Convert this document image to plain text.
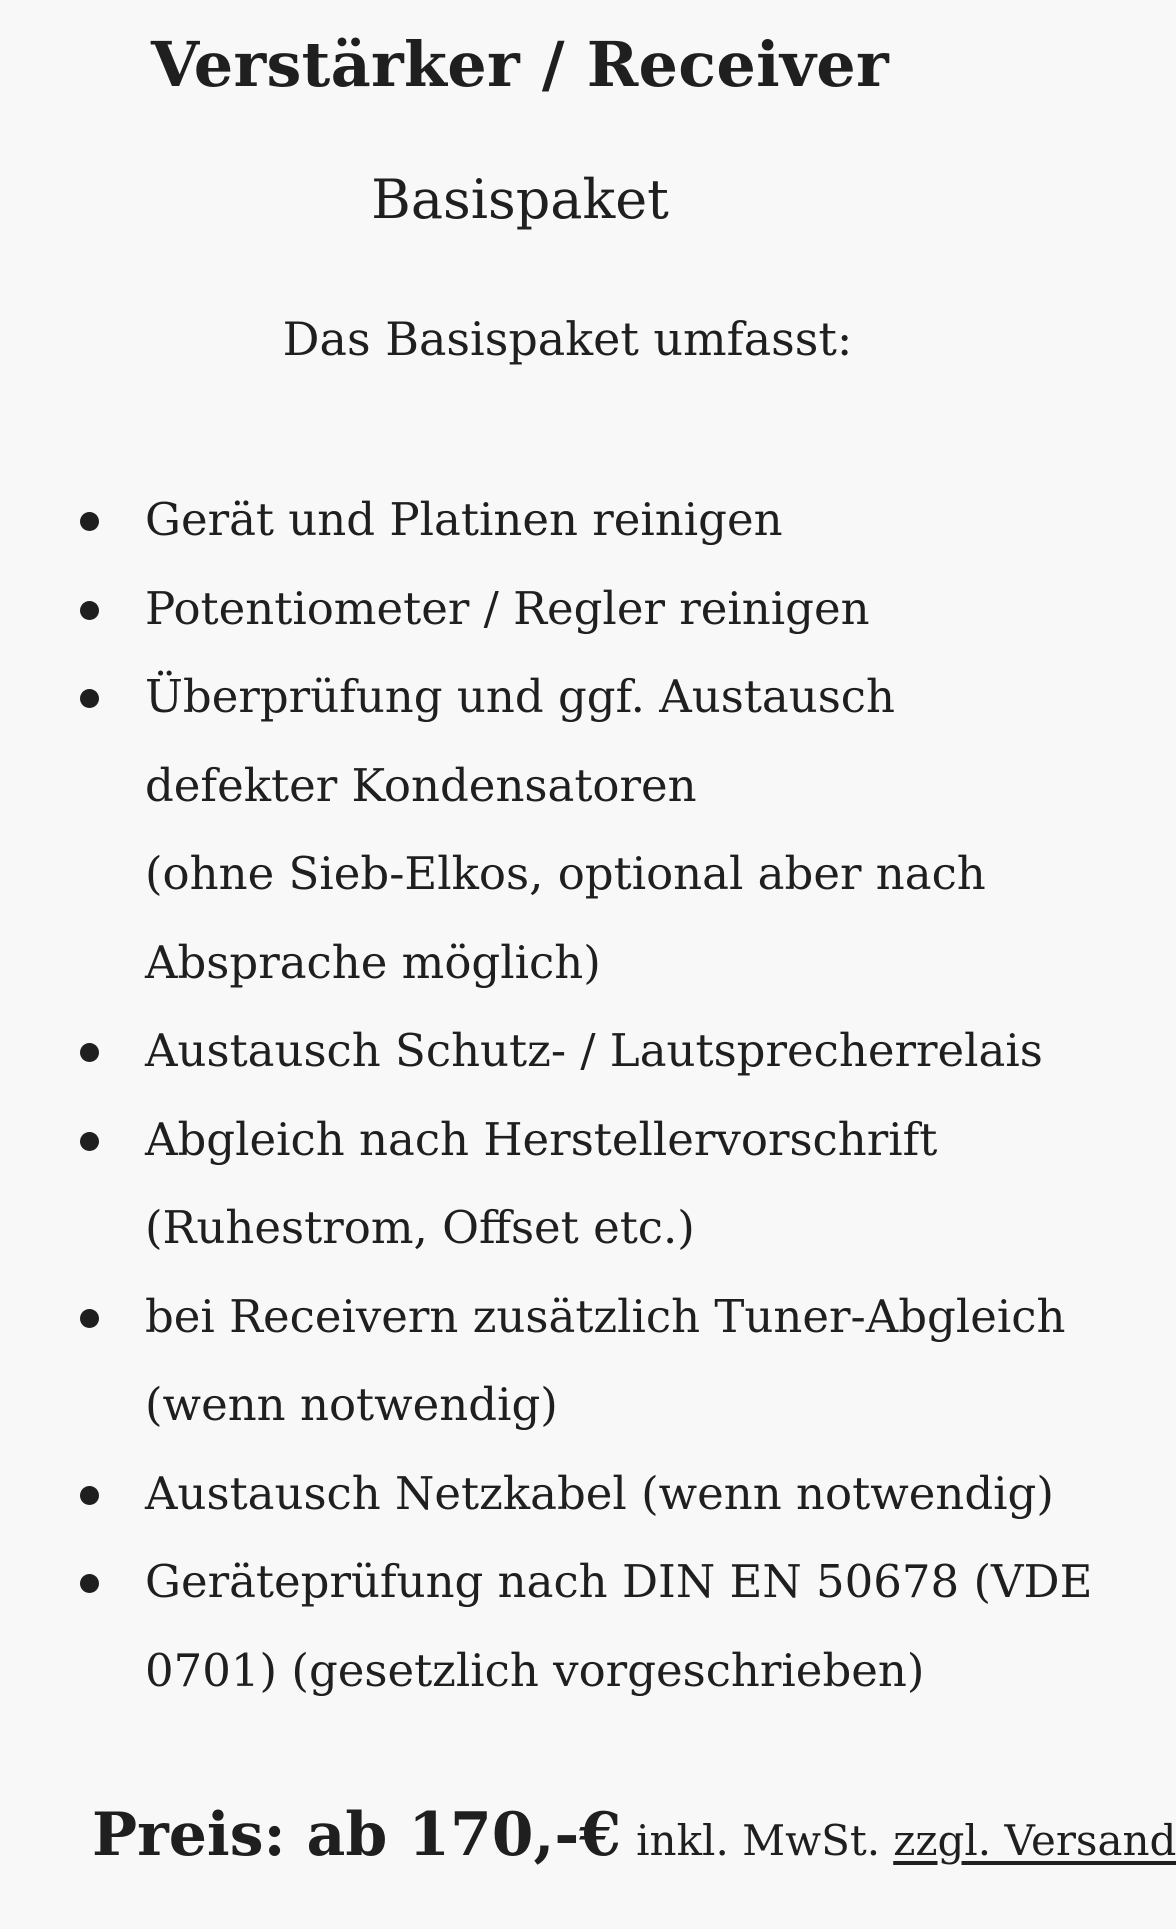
Verstärker / Receiver
Basispaket

Das Basispaket umfasst:

Gerät und Platinen reinigen
Potentiometer / Regler reinigen
Überprüfung und ggf. Austausch
defekter Kondensatoren
(ohne Sieb-Elkos, optional aber nach
Absprache möglich)
Austausch Schutz- / Lautsprecherrelais
Abgleich nach Herstellervorschrift
(Ruhestrom, Offset etc.)
bei Receivern zusätzlich Tuner-Abgleich
(wenn notwendig)
Austausch Netzkabel (wenn notwendig)
Geräteprüfung nach DIN EN 50678 (VDE
0701) (gesetzlich vorgeschrieben)
Preis: ab 170,-€ inkl. MwSt. zzgl. Versand
